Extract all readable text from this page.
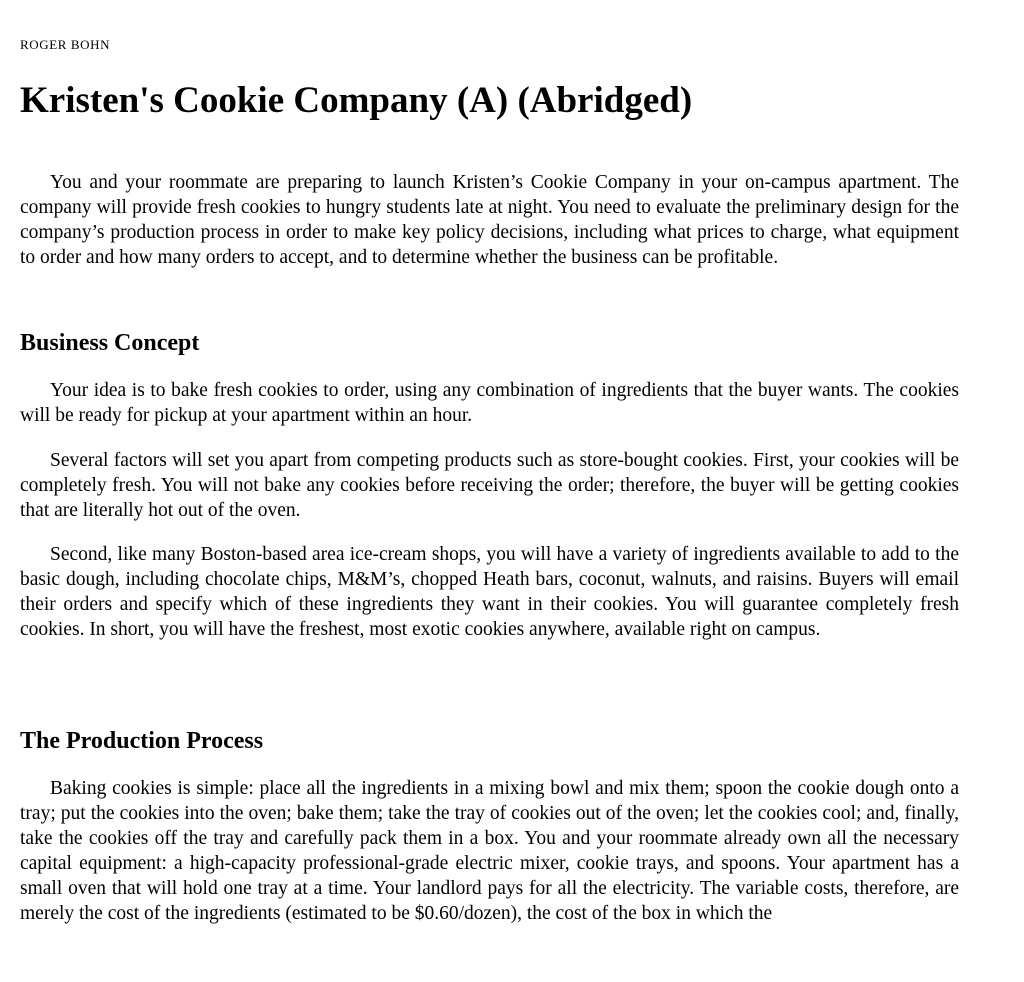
ROGER BOHN

Kristen's Cookie Company (A) (Abridged)

You and your roommate are preparing to launch Kristen’s Cookie Company in your on-campus apartment. The company will provide fresh cookies to hungry students late at night. You need to evaluate the preliminary design for the company’s production process in order to make key policy decisions, including what prices to charge, what equipment to order and how many orders to accept, and to determine whether the business can be profitable.

Business Concept

Your idea is to bake fresh cookies to order, using any combination of ingredients that the buyer wants. The cookies will be ready for pickup at your apartment within an hour.

Several factors will set you apart from competing products such as store-bought cookies. First, your cookies will be completely fresh. You will not bake any cookies before receiving the order; therefore, the buyer will be getting cookies that are literally hot out of the oven.

Second, like many Boston-based area ice-cream shops, you will have a variety of ingredients available to add to the basic dough, including chocolate chips, M&M’s, chopped Heath bars, coconut, walnuts, and raisins. Buyers will email their orders and specify which of these ingredients they want in their cookies. You will guarantee completely fresh cookies. In short, you will have the freshest, most exotic cookies anywhere, available right on campus.

The Production Process

Baking cookies is simple: place all the ingredients in a mixing bowl and mix them; spoon the cookie dough onto a tray; put the cookies into the oven; bake them; take the tray of cookies out of the oven; let the cookies cool; and, finally, take the cookies off the tray and carefully pack them in a box. You and your roommate already own all the necessary capital equipment: a high-capacity professional-grade electric mixer, cookie trays, and spoons. Your apartment has a small oven that will hold one tray at a time. Your landlord pays for all the electricity. The variable costs, therefore, are merely the cost of the ingredients (estimated to be $0.60/dozen), the cost of the box in which the
